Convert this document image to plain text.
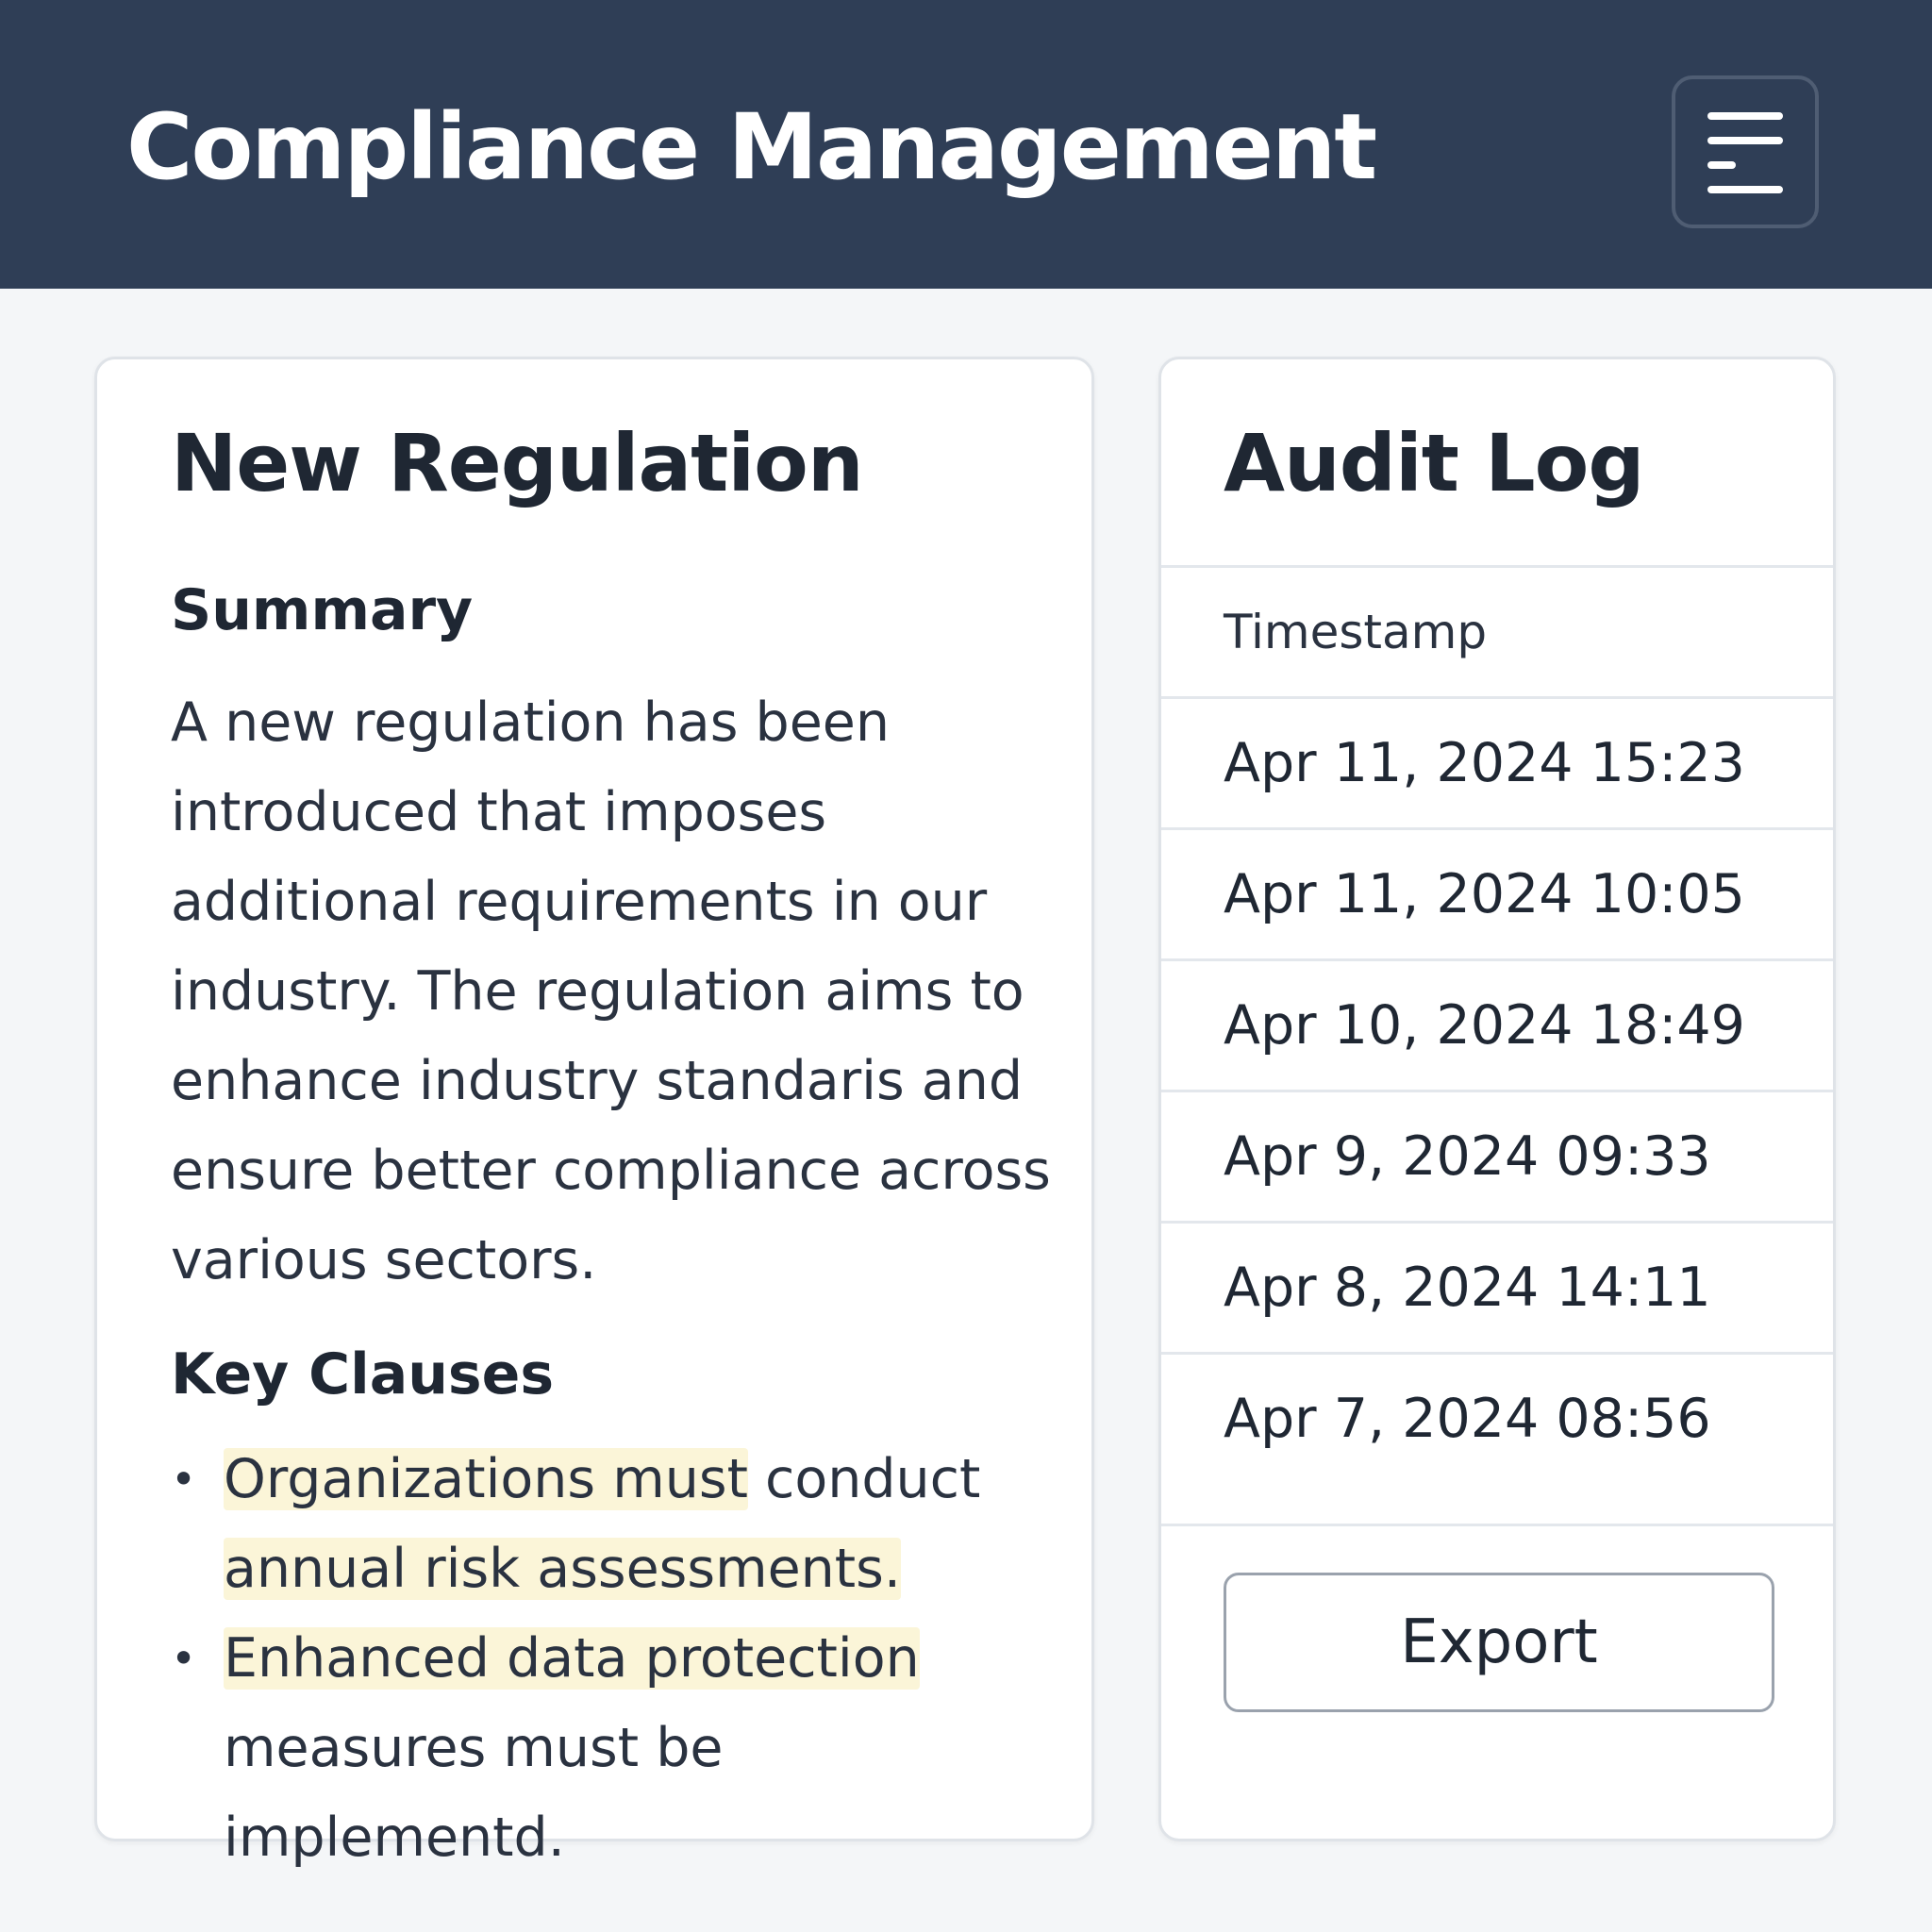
Compliance Management
New Regulation
Summary

A new regulation has been introduced that imposes additional requirements in our industry. The regulation aims to enhance industry standaris and ensure better compliance across various sectors.

Key Clauses
• Organizations must conduct annual risk assessments.
• Enhanced data protection measures must be implementd.
Audit Log
Timestamp
Apr 11, 2024 15:23
Apr 11, 2024 10:05
Apr 10, 2024 18:49
Apr 9, 2024 09:33
Apr 8, 2024 14:11
Apr 7, 2024 08:56
Export
